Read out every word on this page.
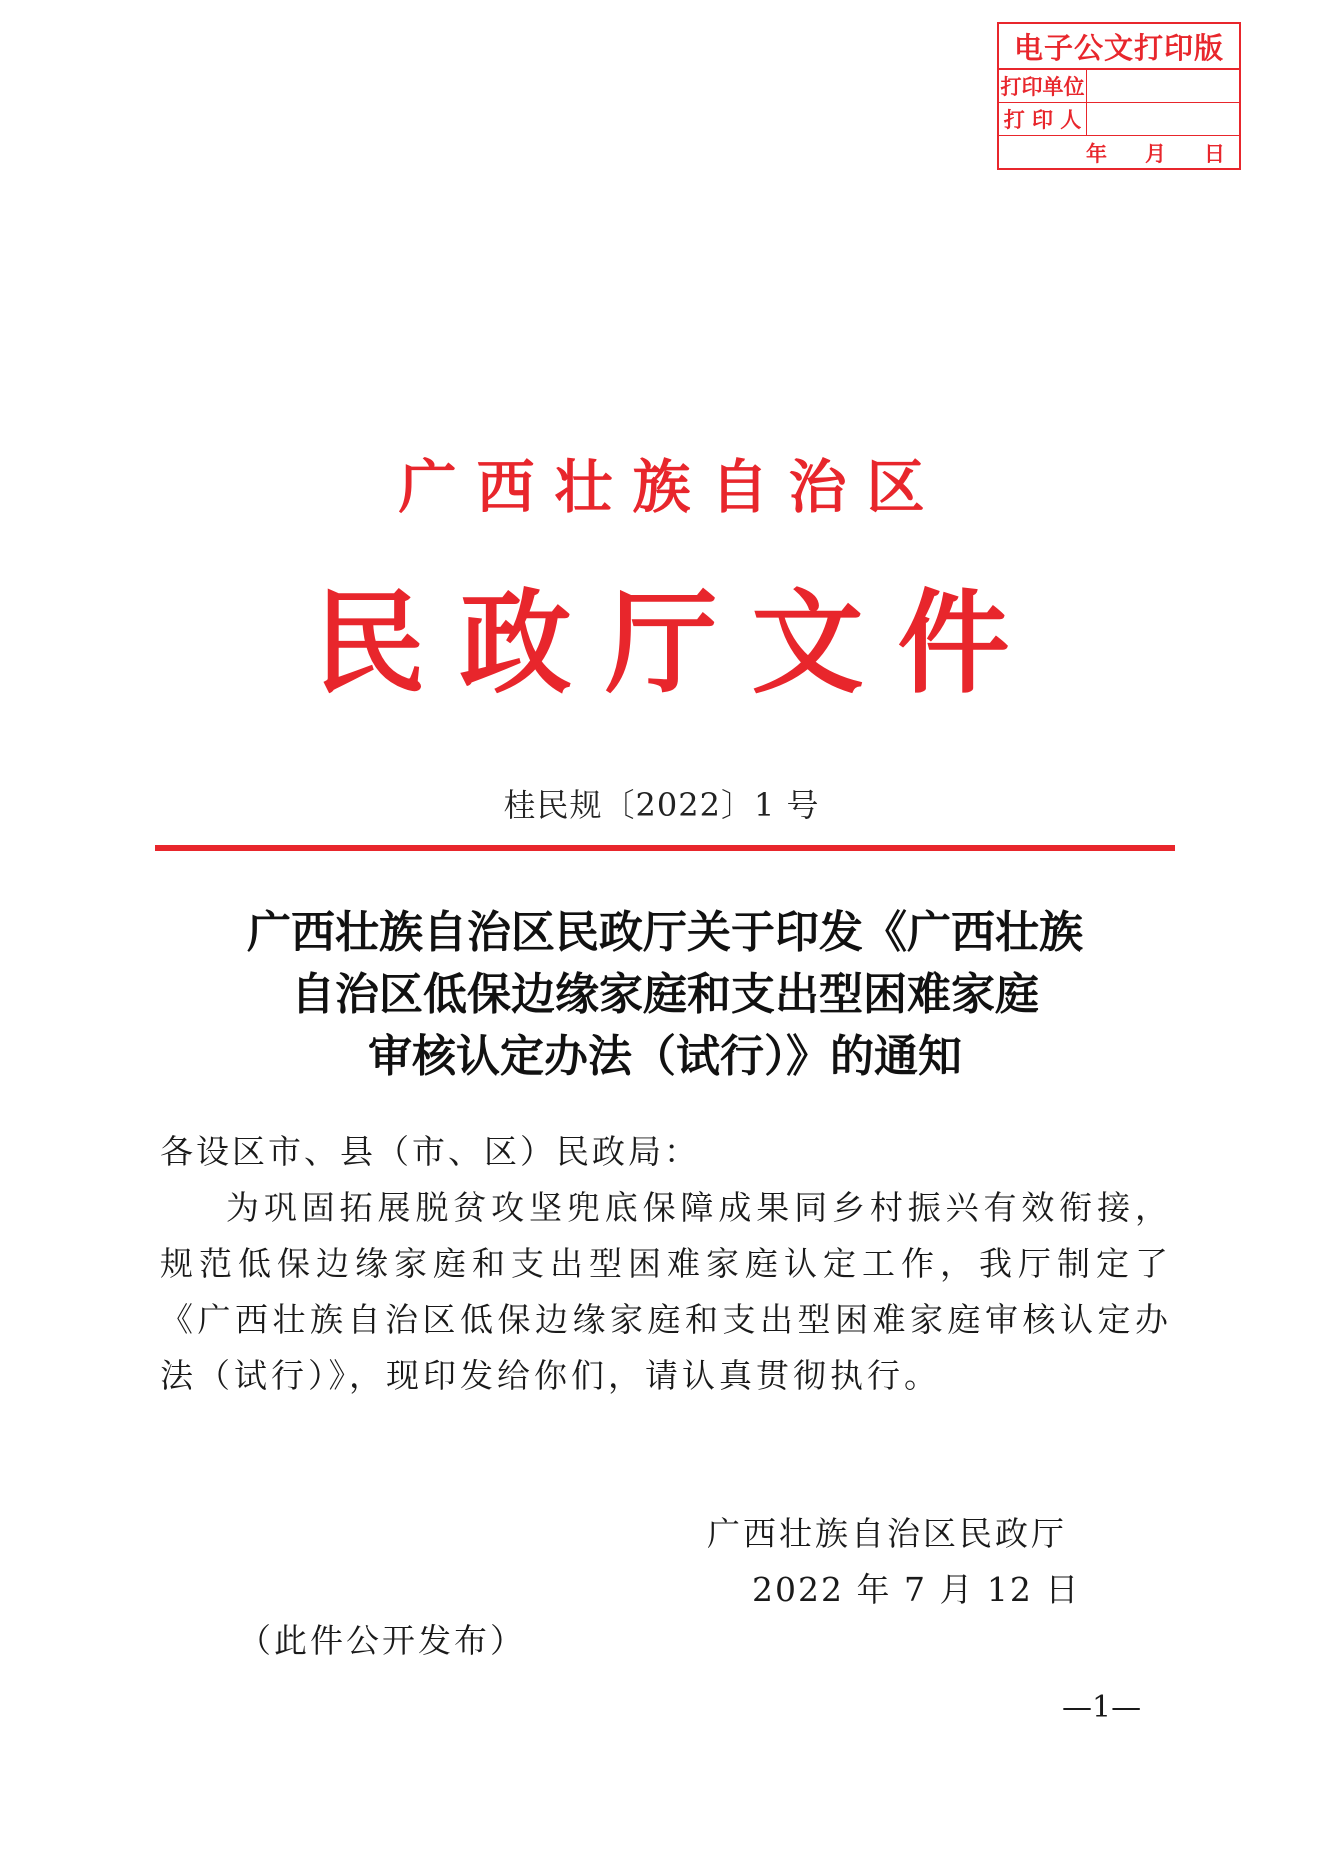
电子公文打印版
打印单位
打 印 人
年 月 日
广西壮族自治区
民政厅文件
桂民规〔2022〕1 号
广西壮族自治区民政厅关于印发《广西壮族
自治区低保边缘家庭和支出型困难家庭
审核认定办法（试行）》的通知
各设区市、县（市、区）民政局：
为巩固拓展脱贫攻坚兜底保障成果同乡村振兴有效衔接，规范低保边缘家庭和支出型困难家庭认定工作，我厅制定了《广西壮族自治区低保边缘家庭和支出型困难家庭审核认定办法（试行）》，现印发给你们，请认真贯彻执行。
广西壮族自治区民政厅
2022 年 7 月 12 日
（此件公开发布）
—1—
